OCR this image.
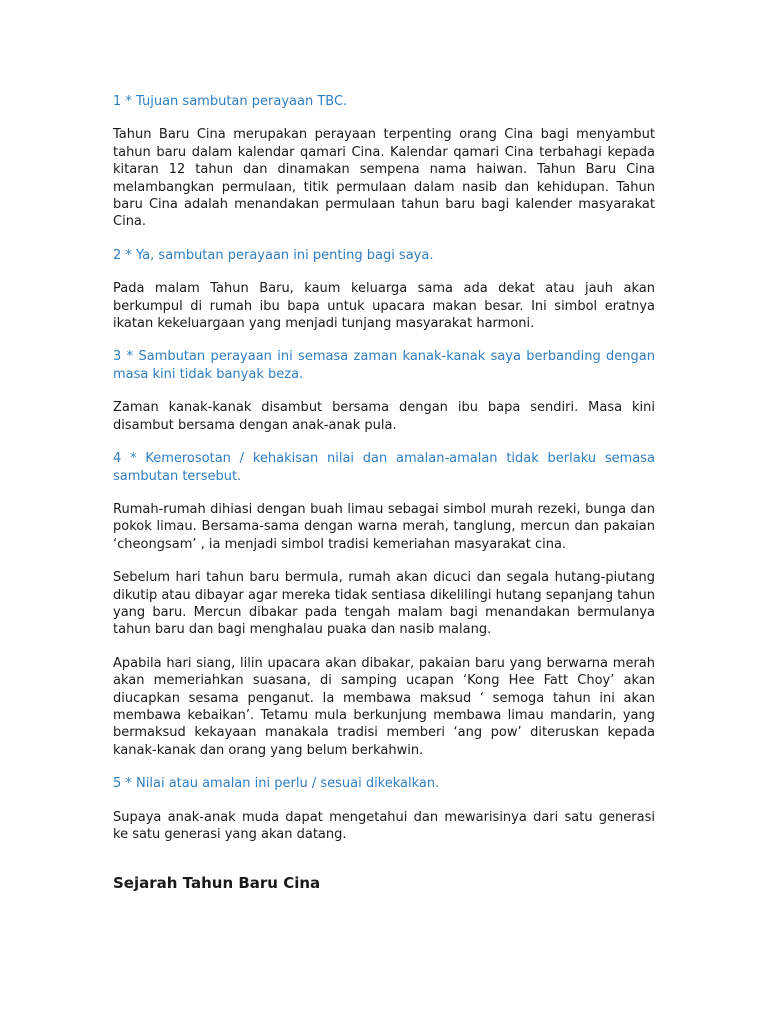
1 * Tujuan sambutan perayaan TBC.

Tahun Baru Cina merupakan perayaan terpenting orang Cina bagi menyambut tahun baru dalam kalendar qamari Cina. Kalendar qamari Cina terbahagi kepada kitaran 12 tahun dan dinamakan sempena nama haiwan. Tahun Baru Cina melambangkan permulaan, titik permulaan dalam nasib dan kehidupan. Tahun baru Cina adalah menandakan permulaan tahun baru bagi kalender masyarakat Cina.

2 * Ya, sambutan perayaan ini penting bagi saya.

Pada malam Tahun Baru, kaum keluarga sama ada dekat atau jauh akan berkumpul di rumah ibu bapa untuk upacara makan besar. Ini simbol eratnya ikatan kekeluargaan yang menjadi tunjang masyarakat harmoni.

3 * Sambutan perayaan ini semasa zaman kanak-kanak saya berbanding dengan masa kini tidak banyak beza.

Zaman kanak-kanak disambut bersama dengan ibu bapa sendiri. Masa kini disambut bersama dengan anak-anak pula.

4 * Kemerosotan / kehakisan nilai dan amalan-amalan tidak berlaku semasa sambutan tersebut.

Rumah-rumah dihiasi dengan buah limau sebagai simbol murah rezeki, bunga dan pokok limau. Bersama-sama dengan warna merah, tanglung, mercun dan pakaian ‘cheongsam’ , ia menjadi simbol tradisi kemeriahan masyarakat cina.

Sebelum hari tahun baru bermula, rumah akan dicuci dan segala hutang-piutang dikutip atau dibayar agar mereka tidak sentiasa dikelilingi hutang sepanjang tahun yang baru. Mercun dibakar pada tengah malam bagi menandakan bermulanya tahun baru dan bagi menghalau puaka dan nasib malang.

Apabila hari siang, lilin upacara akan dibakar, pakaian baru yang berwarna merah akan memeriahkan suasana, di samping ucapan ‘Kong Hee Fatt Choy’ akan diucapkan sesama penganut. Ia membawa maksud ‘ semoga tahun ini akan membawa kebaikan’. Tetamu mula berkunjung membawa limau mandarin, yang bermaksud kekayaan manakala tradisi memberi ‘ang pow’ diteruskan kepada kanak-kanak dan orang yang belum berkahwin.

5 * Nilai atau amalan ini perlu / sesuai dikekalkan.

Supaya anak-anak muda dapat mengetahui dan mewarisinya dari satu generasi ke satu generasi yang akan datang.

Sejarah Tahun Baru Cina
